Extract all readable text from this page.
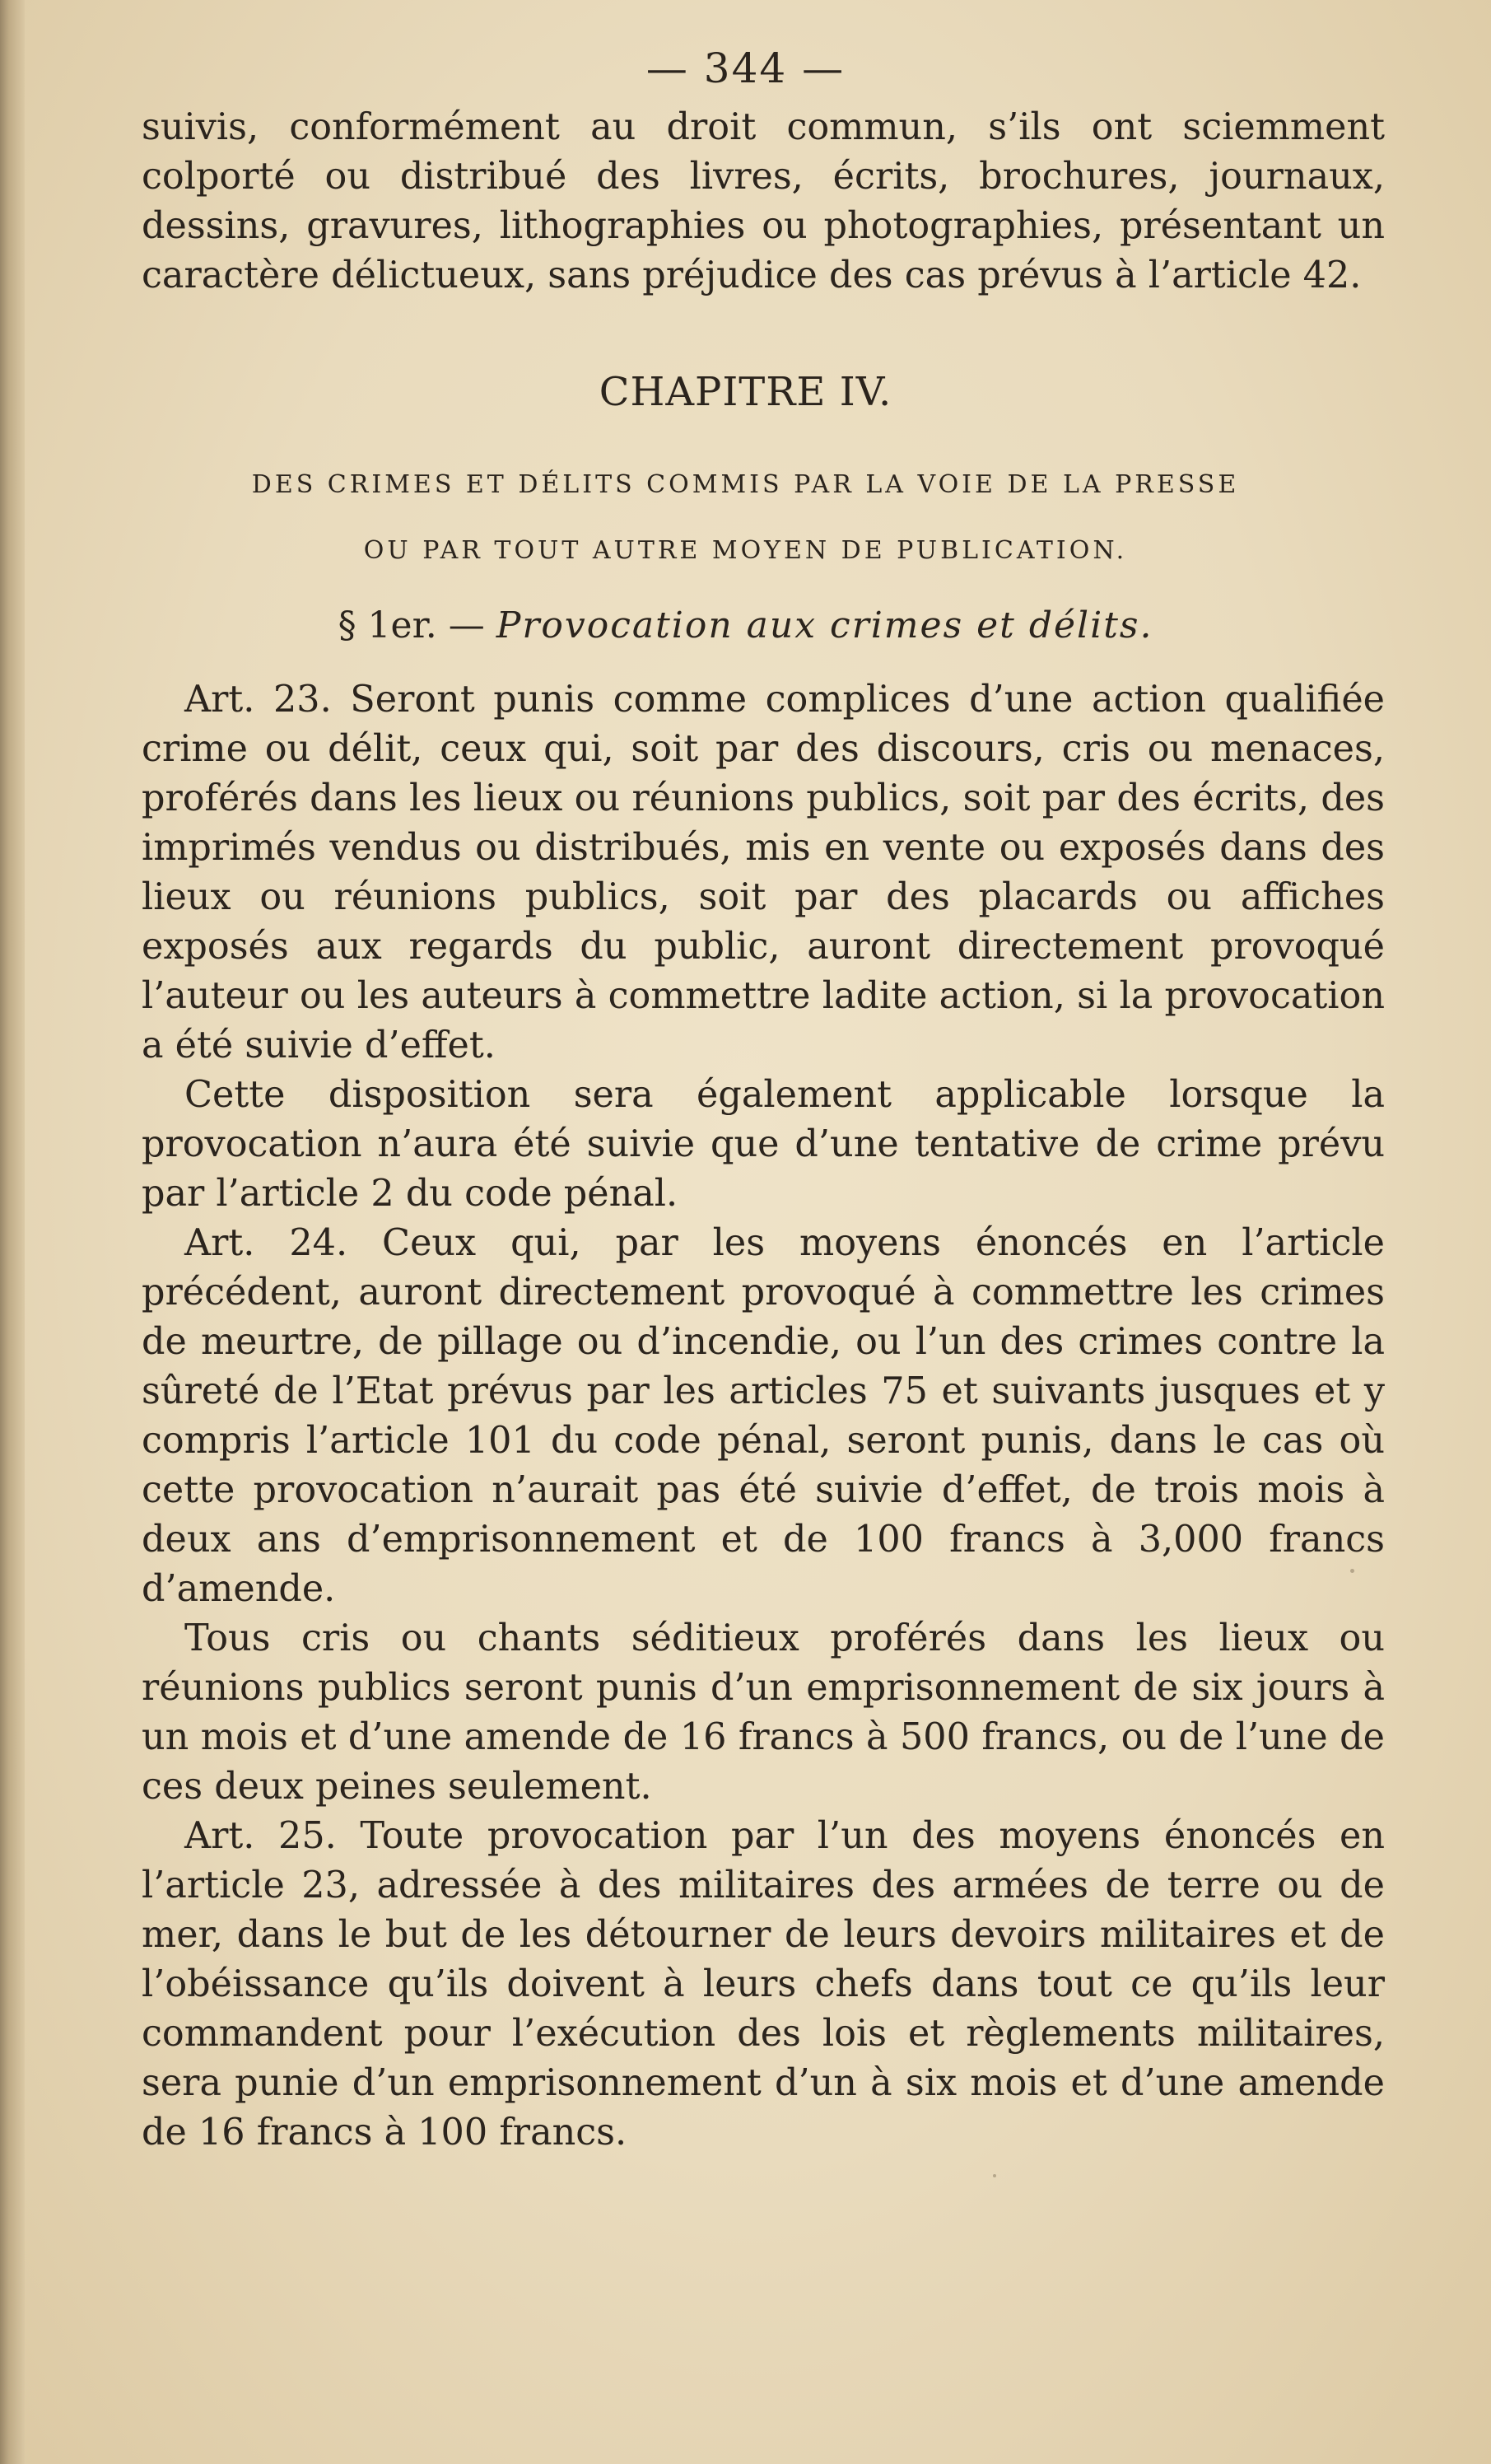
— 344 —

suivis, conformément au droit commun, s’ils ont sciemment colporté ou distribué des livres, écrits, brochures, journaux, dessins, gravures, lithographies ou photographies, présentant un caractère délictueux, sans préjudice des cas prévus à l’article 42.

CHAPITRE IV.
DES CRIMES ET DÉLITS COMMIS PAR LA VOIE DE LA PRESSE
OU PAR TOUT AUTRE MOYEN DE PUBLICATION.
§ 1er. — Provocation aux crimes et délits.

Art. 23. Seront punis comme complices d’une action qualifiée crime ou délit, ceux qui, soit par des discours, cris ou menaces, proférés dans les lieux ou réunions publics, soit par des écrits, des imprimés vendus ou distribués, mis en vente ou exposés dans des lieux ou réunions publics, soit par des placards ou affiches exposés aux regards du public, auront directement provoqué l’auteur ou les auteurs à commettre ladite action, si la provocation a été suivie d’effet.

Cette disposition sera également applicable lorsque la provocation n’aura été suivie que d’une tentative de crime prévu par l’article 2 du code pénal.

Art. 24. Ceux qui, par les moyens énoncés en l’article précédent, auront directement provoqué à commettre les crimes de meurtre, de pillage ou d’incendie, ou l’un des crimes contre la sûreté de l’Etat prévus par les articles 75 et suivants jusques et y compris l’article 101 du code pénal, seront punis, dans le cas où cette provocation n’aurait pas été suivie d’effet, de trois mois à deux ans d’emprisonnement et de 100 francs à 3,000 francs d’amende.

Tous cris ou chants séditieux proférés dans les lieux ou réunions publics seront punis d’un emprisonnement de six jours à un mois et d’une amende de 16 francs à 500 francs, ou de l’une de ces deux peines seulement.

Art. 25. Toute provocation par l’un des moyens énoncés en l’article 23, adressée à des militaires des armées de terre ou de mer, dans le but de les détourner de leurs devoirs militaires et de l’obéissance qu’ils doivent à leurs chefs dans tout ce qu’ils leur commandent pour l’exécution des lois et règlements militaires, sera punie d’un emprisonnement d’un à six mois et d’une amende de 16 francs à 100 francs.
